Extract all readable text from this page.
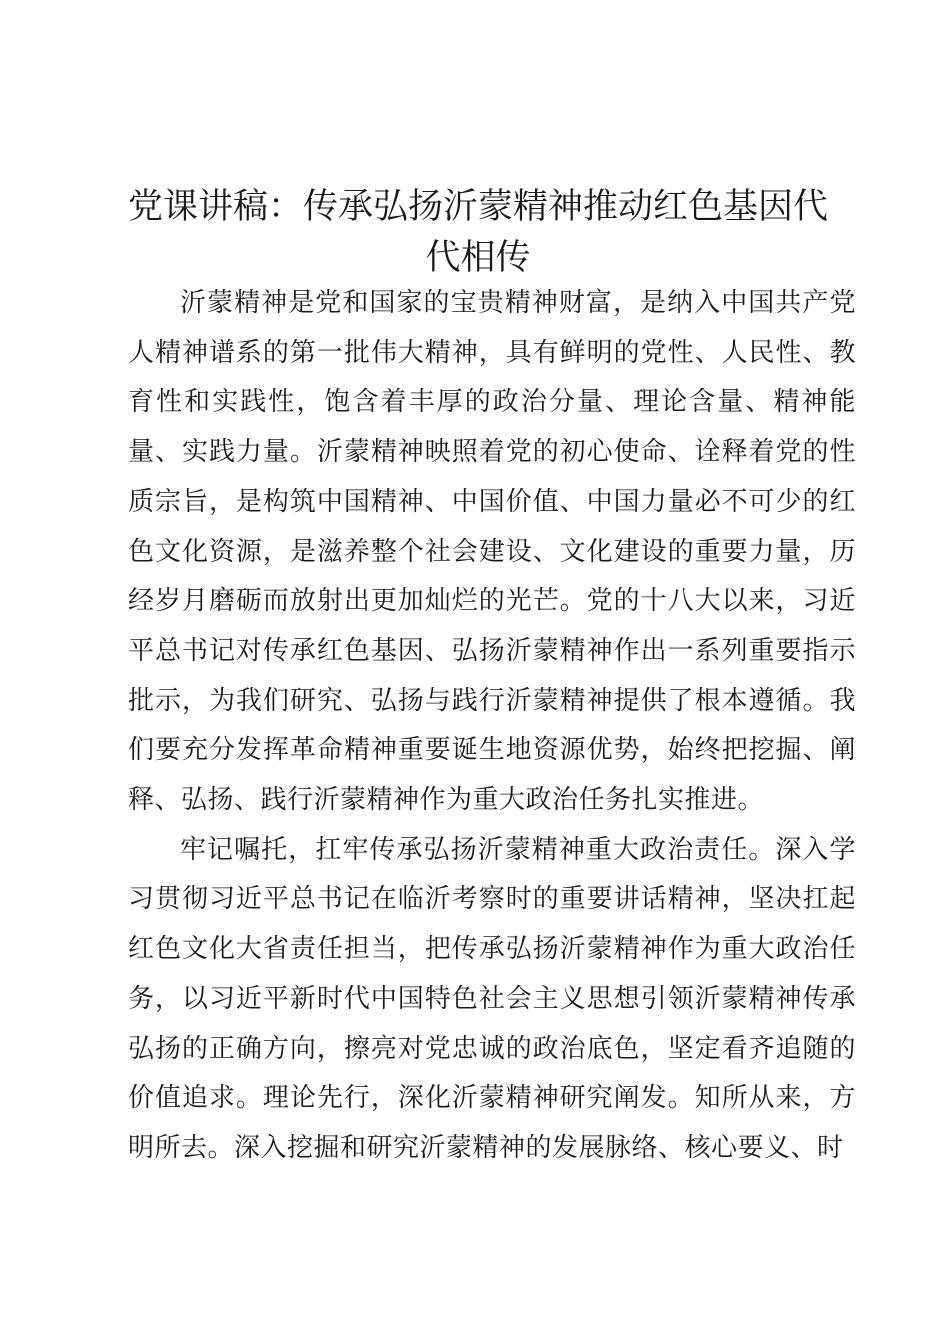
党课讲稿：传承弘扬沂蒙精神推动红色基因代代相传

沂蒙精神是党和国家的宝贵精神财富，是纳入中国共产党人精神谱系的第一批伟大精神，具有鲜明的党性、人民性、教育性和实践性，饱含着丰厚的政治分量、理论含量、精神能量、实践力量。沂蒙精神映照着党的初心使命、诠释着党的性质宗旨，是构筑中国精神、中国价值、中国力量必不可少的红色文化资源，是滋养整个社会建设、文化建设的重要力量，历经岁月磨砺而放射出更加灿烂的光芒。党的十八大以来，习近平总书记对传承红色基因、弘扬沂蒙精神作出一系列重要指示批示，为我们研究、弘扬与践行沂蒙精神提供了根本遵循。我们要充分发挥革命精神重要诞生地资源优势，始终把挖掘、阐释、弘扬、践行沂蒙精神作为重大政治任务扎实推进。

牢记嘱托，扛牢传承弘扬沂蒙精神重大政治责任。深入学习贯彻习近平总书记在临沂考察时的重要讲话精神，坚决扛起红色文化大省责任担当，把传承弘扬沂蒙精神作为重大政治任务，以习近平新时代中国特色社会主义思想引领沂蒙精神传承弘扬的正确方向，擦亮对党忠诚的政治底色，坚定看齐追随的价值追求。理论先行，深化沂蒙精神研究阐发。知所从来，方明所去。深入挖掘和研究沂蒙精神的发展脉络、核心要义、时
